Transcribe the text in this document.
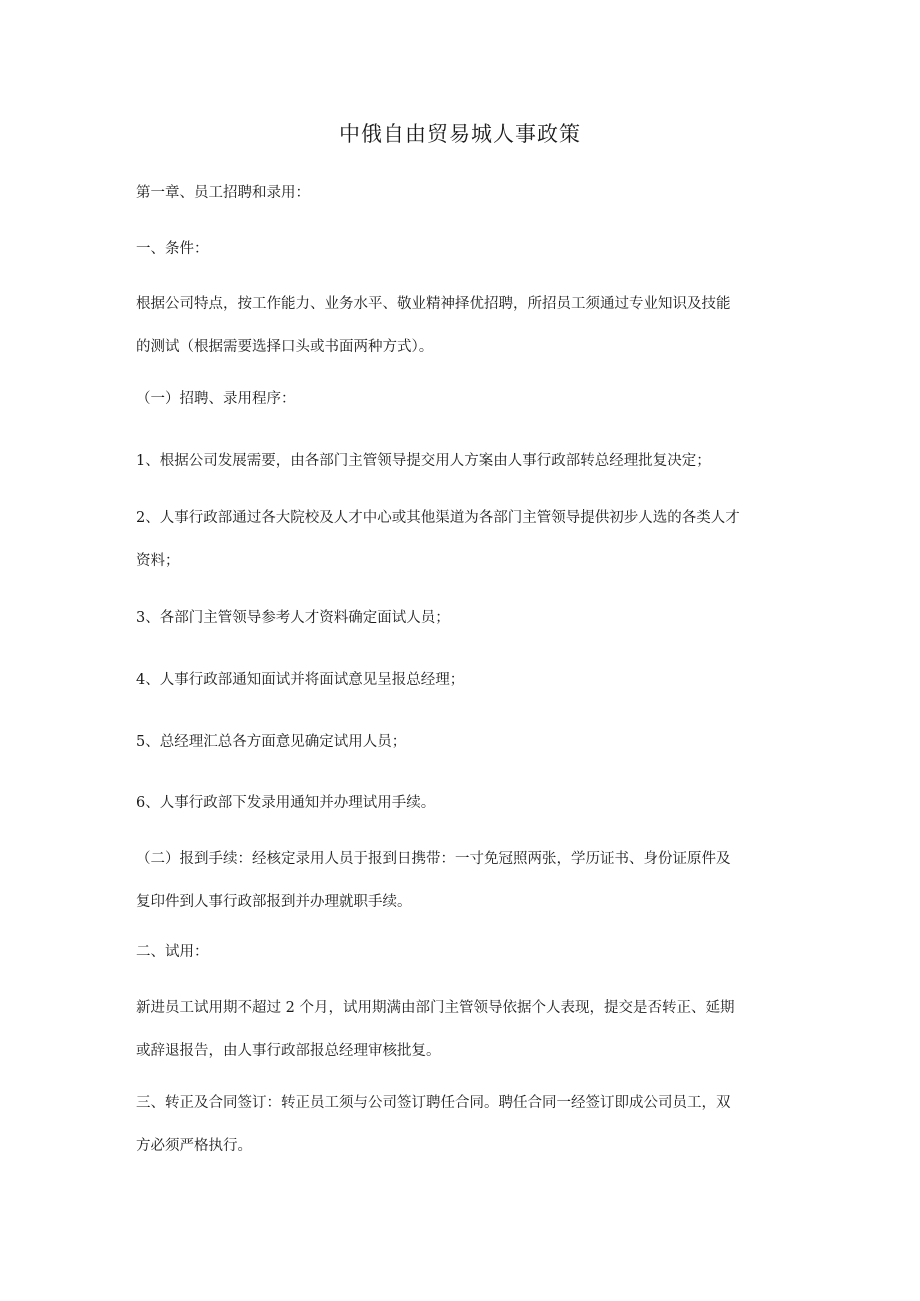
中俄自由贸易城人事政策
第一章、员工招聘和录用：
一、条件：
根据公司特点，按工作能力、业务水平、敬业精神择优招聘，所招员工须通过专业知识及技能
的测试（根据需要选择口头或书面两种方式）。
（一）招聘、录用程序：
1、根据公司发展需要，由各部门主管领导提交用人方案由人事行政部转总经理批复决定；
2、人事行政部通过各大院校及人才中心或其他渠道为各部门主管领导提供初步人选的各类人才
资料；
3、各部门主管领导参考人才资料确定面试人员；
4、人事行政部通知面试并将面试意见呈报总经理；
5、总经理汇总各方面意见确定试用人员；
6、人事行政部下发录用通知并办理试用手续。
（二）报到手续：经核定录用人员于报到日携带：一寸免冠照两张，学历证书、身份证原件及
复印件到人事行政部报到并办理就职手续。
二、试用：
新进员工试用期不超过 2 个月，试用期满由部门主管领导依据个人表现，提交是否转正、延期
或辞退报告，由人事行政部报总经理审核批复。
三、转正及合同签订：转正员工须与公司签订聘任合同。聘任合同一经签订即成公司员工，双
方必须严格执行。
